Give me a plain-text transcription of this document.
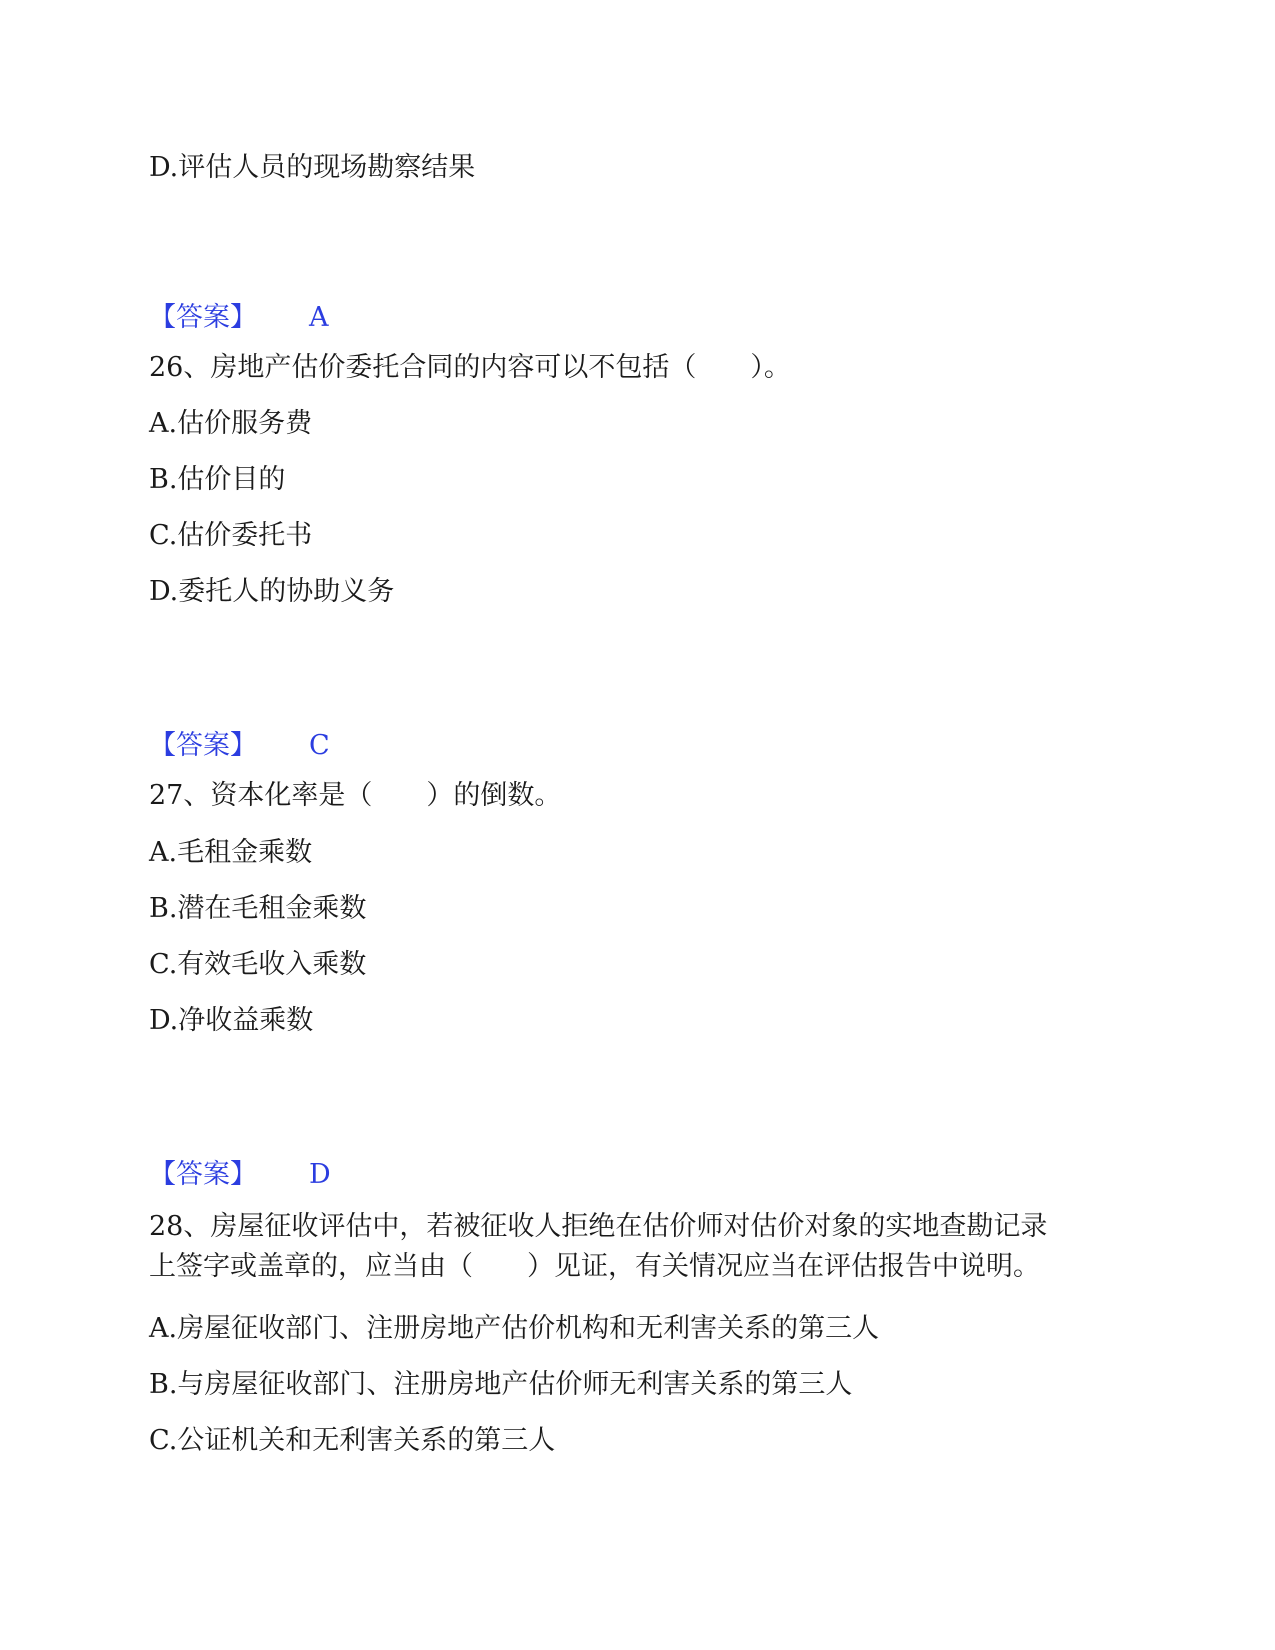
D.评估人员的现场勘察结果
【答案】 A
26、房地产估价委托合同的内容可以不包括（　　）。
A.估价服务费
B.估价目的
C.估价委托书
D.委托人的协助义务
【答案】 C
27、资本化率是（　　）的倒数。
A.毛租金乘数
B.潜在毛租金乘数
C.有效毛收入乘数
D.净收益乘数
【答案】 D
28、房屋征收评估中，若被征收人拒绝在估价师对估价对象的实地查勘记录
上签字或盖章的，应当由（　　）见证，有关情况应当在评估报告中说明。
A.房屋征收部门、注册房地产估价机构和无利害关系的第三人
B.与房屋征收部门、注册房地产估价师无利害关系的第三人
C.公证机关和无利害关系的第三人
